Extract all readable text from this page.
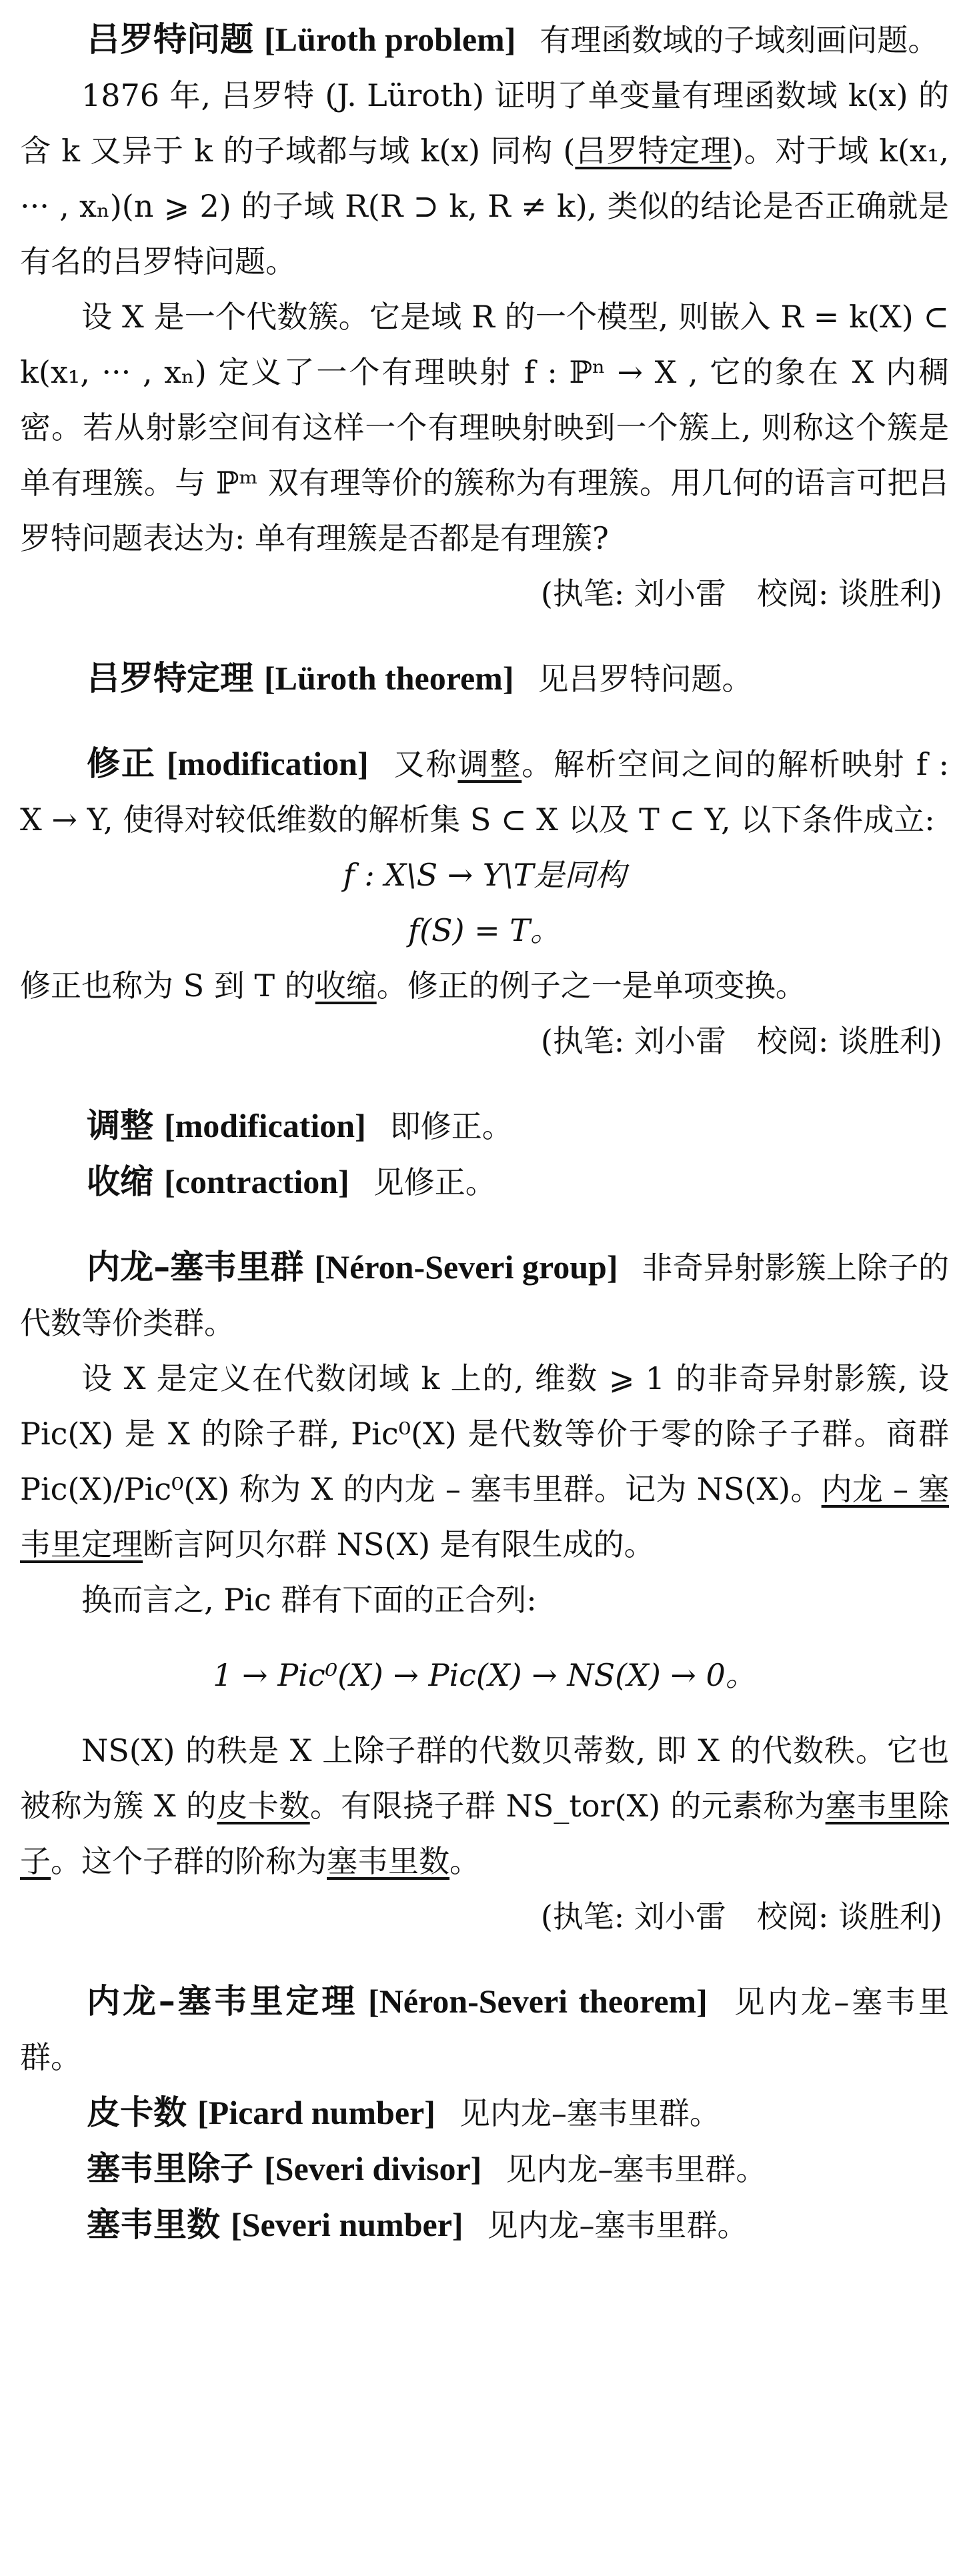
吕罗特问题 [Lüroth problem] 有理函数域的子域刻画问题。

1876 年, 吕罗特 (J. Lüroth) 证明了单变量有理函数域 k(x) 的含 k 又异于 k 的子域都与域 k(x) 同构 (吕罗特定理)。对于域 k(x₁, ··· , xₙ)(n ⩾ 2) 的子域 R(R ⊃ k, R ≠ k), 类似的结论是否正确就是有名的吕罗特问题。

设 X 是一个代数簇。它是域 R 的一个模型, 则嵌入 R = k(X) ⊂ k(x₁, ··· , xₙ) 定义了一个有理映射 f : ℙⁿ → X , 它的象在 X 内稠密。若从射影空间有这样一个有理映射映到一个簇上, 则称这个簇是单有理簇。与 ℙᵐ 双有理等价的簇称为有理簇。用几何的语言可把吕罗特问题表达为: 单有理簇是否都是有理簇?

(执笔: 刘小雷　校阅: 谈胜利)

吕罗特定理 [Lüroth theorem] 见吕罗特问题。

修正 [modification] 又称调整。解析空间之间的解析映射 f : X → Y, 使得对较低维数的解析集 S ⊂ X 以及 T ⊂ Y, 以下条件成立:

f : X\S → Y\T是同构

f(S) = T。

修正也称为 S 到 T 的收缩。修正的例子之一是单项变换。

(执笔: 刘小雷　校阅: 谈胜利)

调整 [modification] 即修正。

收缩 [contraction] 见修正。

内龙–塞韦里群 [Néron-Severi group] 非奇异射影簇上除子的代数等价类群。

设 X 是定义在代数闭域 k 上的, 维数 ⩾ 1 的非奇异射影簇, 设 Pic(X) 是 X 的除子群, Pic⁰(X) 是代数等价于零的除子子群。商群 Pic(X)/Pic⁰(X) 称为 X 的内龙 – 塞韦里群。记为 NS(X)。内龙 – 塞韦里定理断言阿贝尔群 NS(X) 是有限生成的。

换而言之, Pic 群有下面的正合列:

1 → Pic⁰(X) → Pic(X) → NS(X) → 0。

NS(X) 的秩是 X 上除子群的代数贝蒂数, 即 X 的代数秩。它也被称为簇 X 的皮卡数。有限挠子群 NS_tor(X) 的元素称为塞韦里除子。这个子群的阶称为塞韦里数。

(执笔: 刘小雷　校阅: 谈胜利)

内龙–塞韦里定理 [Néron-Severi theorem] 见内龙–塞韦里群。

皮卡数 [Picard number] 见内龙–塞韦里群。

塞韦里除子 [Severi divisor] 见内龙–塞韦里群。

塞韦里数 [Severi number] 见内龙–塞韦里群。
